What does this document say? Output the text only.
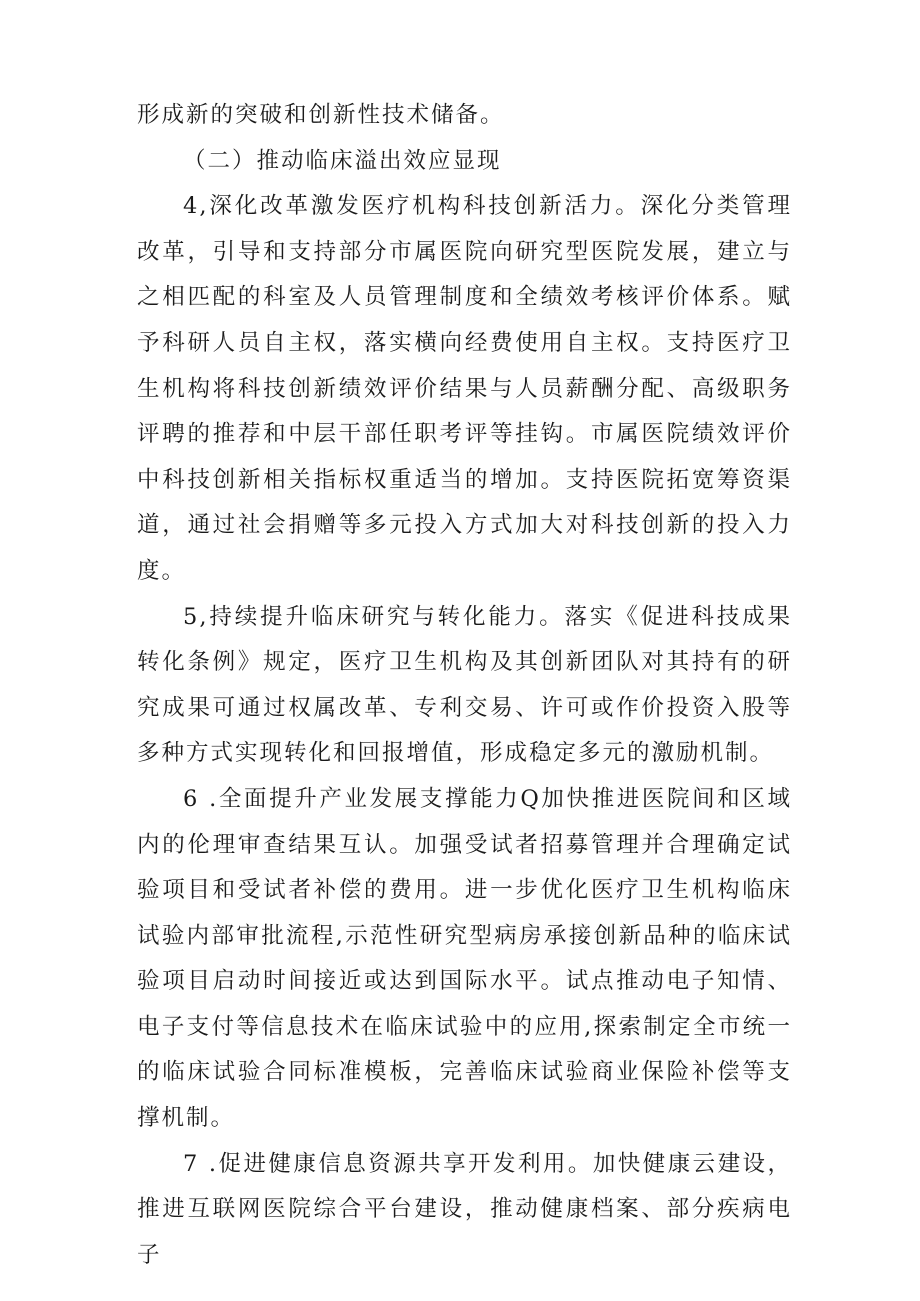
形成新的突破和创新性技术储备。

（二）推动临床溢出效应显现

4,深化改革激发医疗机构科技创新活力。深化分类管理改革，引导和支持部分市属医院向研究型医院发展，建立与之相匹配的科室及人员管理制度和全绩效考核评价体系。赋予科研人员自主权，落实横向经费使用自主权。支持医疗卫生机构将科技创新绩效评价结果与人员薪酬分配、高级职务评聘的推荐和中层干部任职考评等挂钩。市属医院绩效评价中科技创新相关指标权重适当的增加。支持医院拓宽筹资渠道，通过社会捐赠等多元投入方式加大对科技创新的投入力度。

5,持续提升临床研究与转化能力。落实《促进科技成果转化条例》规定，医疗卫生机构及其创新团队对其持有的研究成果可通过权属改革、专利交易、许可或作价投资入股等多种方式实现转化和回报增值，形成稳定多元的激励机制。

6 .全面提升产业发展支撑能力Q加快推进医院间和区域内的伦理审查结果互认。加强受试者招募管理并合理确定试验项目和受试者补偿的费用。进一步优化医疗卫生机构临床试验内部审批流程,示范性研究型病房承接创新品种的临床试验项目启动时间接近或达到国际水平。试点推动电子知情、电子支付等信息技术在临床试验中的应用,探索制定全市统一的临床试验合同标准模板，完善临床试验商业保险补偿等支撑机制。

7 .促进健康信息资源共享开发利用。加快健康云建设，推进互联网医院综合平台建设，推动健康档案、部分疾病电子
